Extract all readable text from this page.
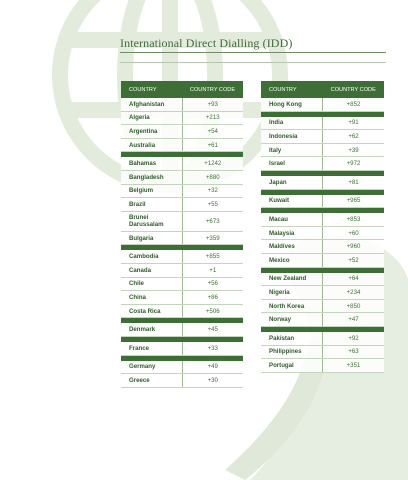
International Direct Dialling (IDD)
COUNTRY	COUNTRY CODE
Afghanistan	+93
Algeria	+213
Argentina	+54
Australia	+61

Bahamas	+1242
Bangladesh	+880
Belgium	+32
Brazil	+55
Brunei Darussalam	+673
Bulgaria	+359

Cambodia	+855
Canada	+1
Chile	+56
China	+86
Costa Rica	+506

Denmark	+45

France	+33

Germany	+49
Greece	+30
COUNTRY	COUNTRY CODE
Hong Kong	+852

India	+91
Indonesia	+62
Italy	+39
Israel	+972

Japan	+81

Kuwait	+965

Macau	+853
Malaysia	+60
Maldives	+960
Mexico	+52

New Zealand	+64
Nigeria	+234
North Korea	+850
Norway	+47

Pakistan	+92
Philippines	+63
Portugal	+351
